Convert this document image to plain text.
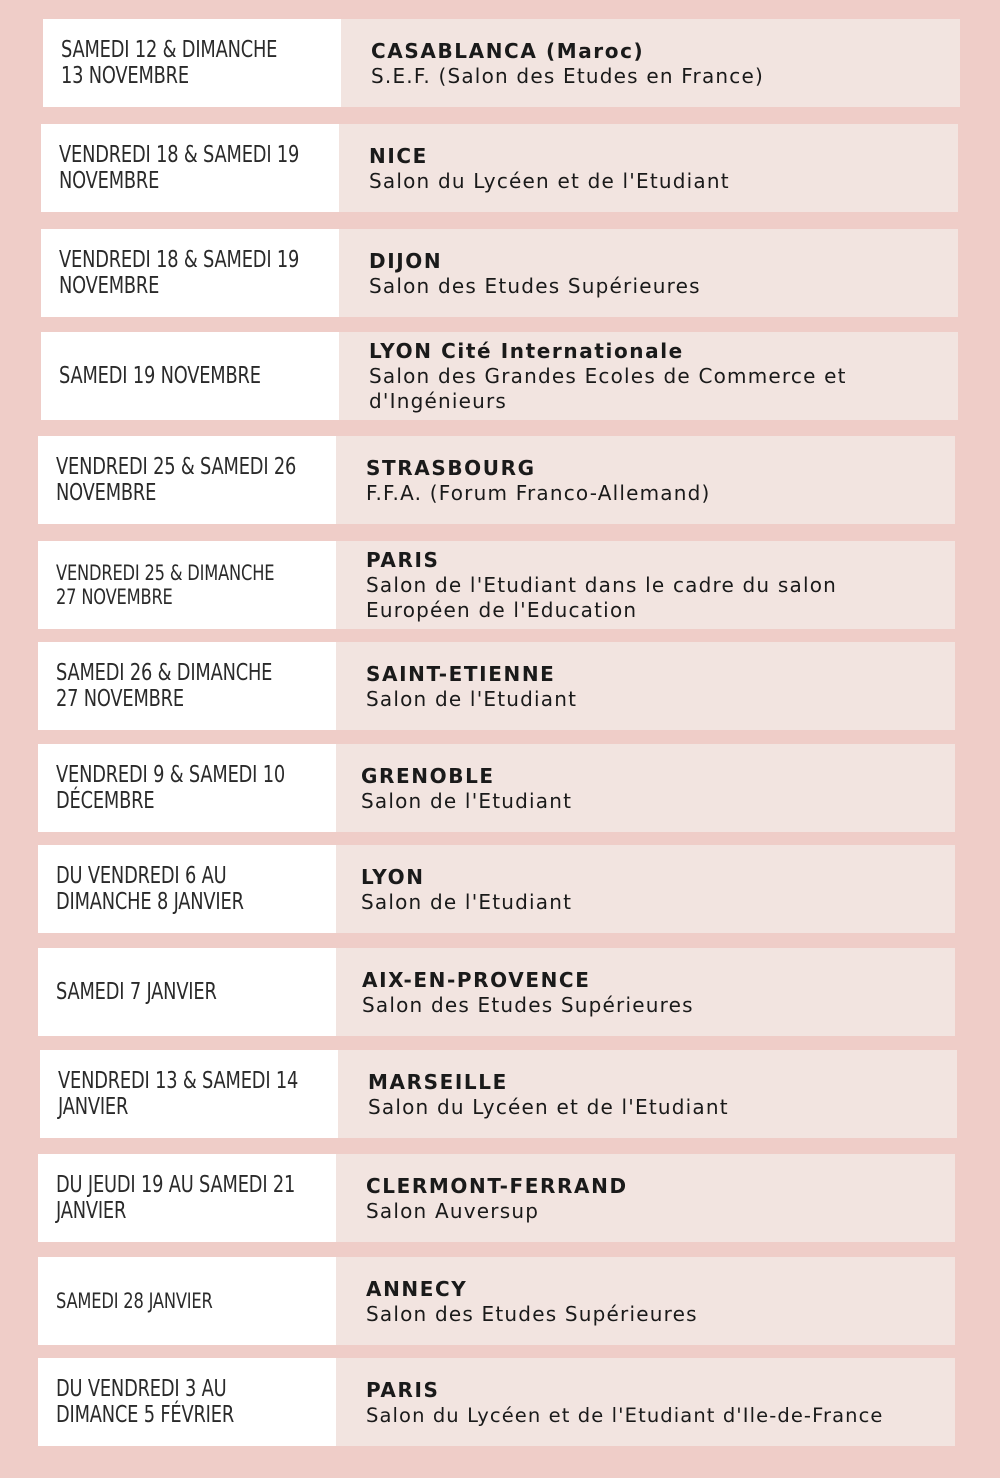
SAMEDI 12 & DIMANCHE 13 NOVEMBRE
CASABLANCA (Maroc)
S.E.F. (Salon des Etudes en France)
VENDREDI 18 & SAMEDI 19 NOVEMBRE
NICE
Salon du Lycéen et de l'Etudiant
VENDREDI 18 & SAMEDI 19 NOVEMBRE
DIJON
Salon des Etudes Supérieures
SAMEDI 19 NOVEMBRE
LYON Cité Internationale
Salon des Grandes Ecoles de Commerce et d'Ingénieurs
VENDREDI 25 & SAMEDI 26 NOVEMBRE
STRASBOURG
F.F.A. (Forum Franco-Allemand)
VENDREDI 25 & DIMANCHE 27 NOVEMBRE
PARIS
Salon de l'Etudiant dans le cadre du salon Européen de l'Education
SAMEDI 26 & DIMANCHE 27 NOVEMBRE
SAINT-ETIENNE
Salon de l'Etudiant
VENDREDI 9 & SAMEDI 10 DÉCEMBRE
GRENOBLE
Salon de l'Etudiant
DU VENDREDI 6 AU DIMANCHE 8 JANVIER
LYON
Salon de l'Etudiant
SAMEDI 7 JANVIER	AIX-EN-PROVENCE
Salon des Etudes Supérieures
VENDREDI 13 & SAMEDI 14 JANVIER
MARSEILLE
Salon du Lycéen et de l'Etudiant
DU JEUDI 19 AU SAMEDI 21 JANVIER
CLERMONT-FERRAND
Salon Auversup
SAMEDI 28 JANVIER
ANNECY
Salon des Etudes Supérieures
DU VENDREDI 3 AU DIMANCE 5 FÉVRIER
PARIS
Salon du Lycéen et de l'Etudiant d'Ile-de-France
